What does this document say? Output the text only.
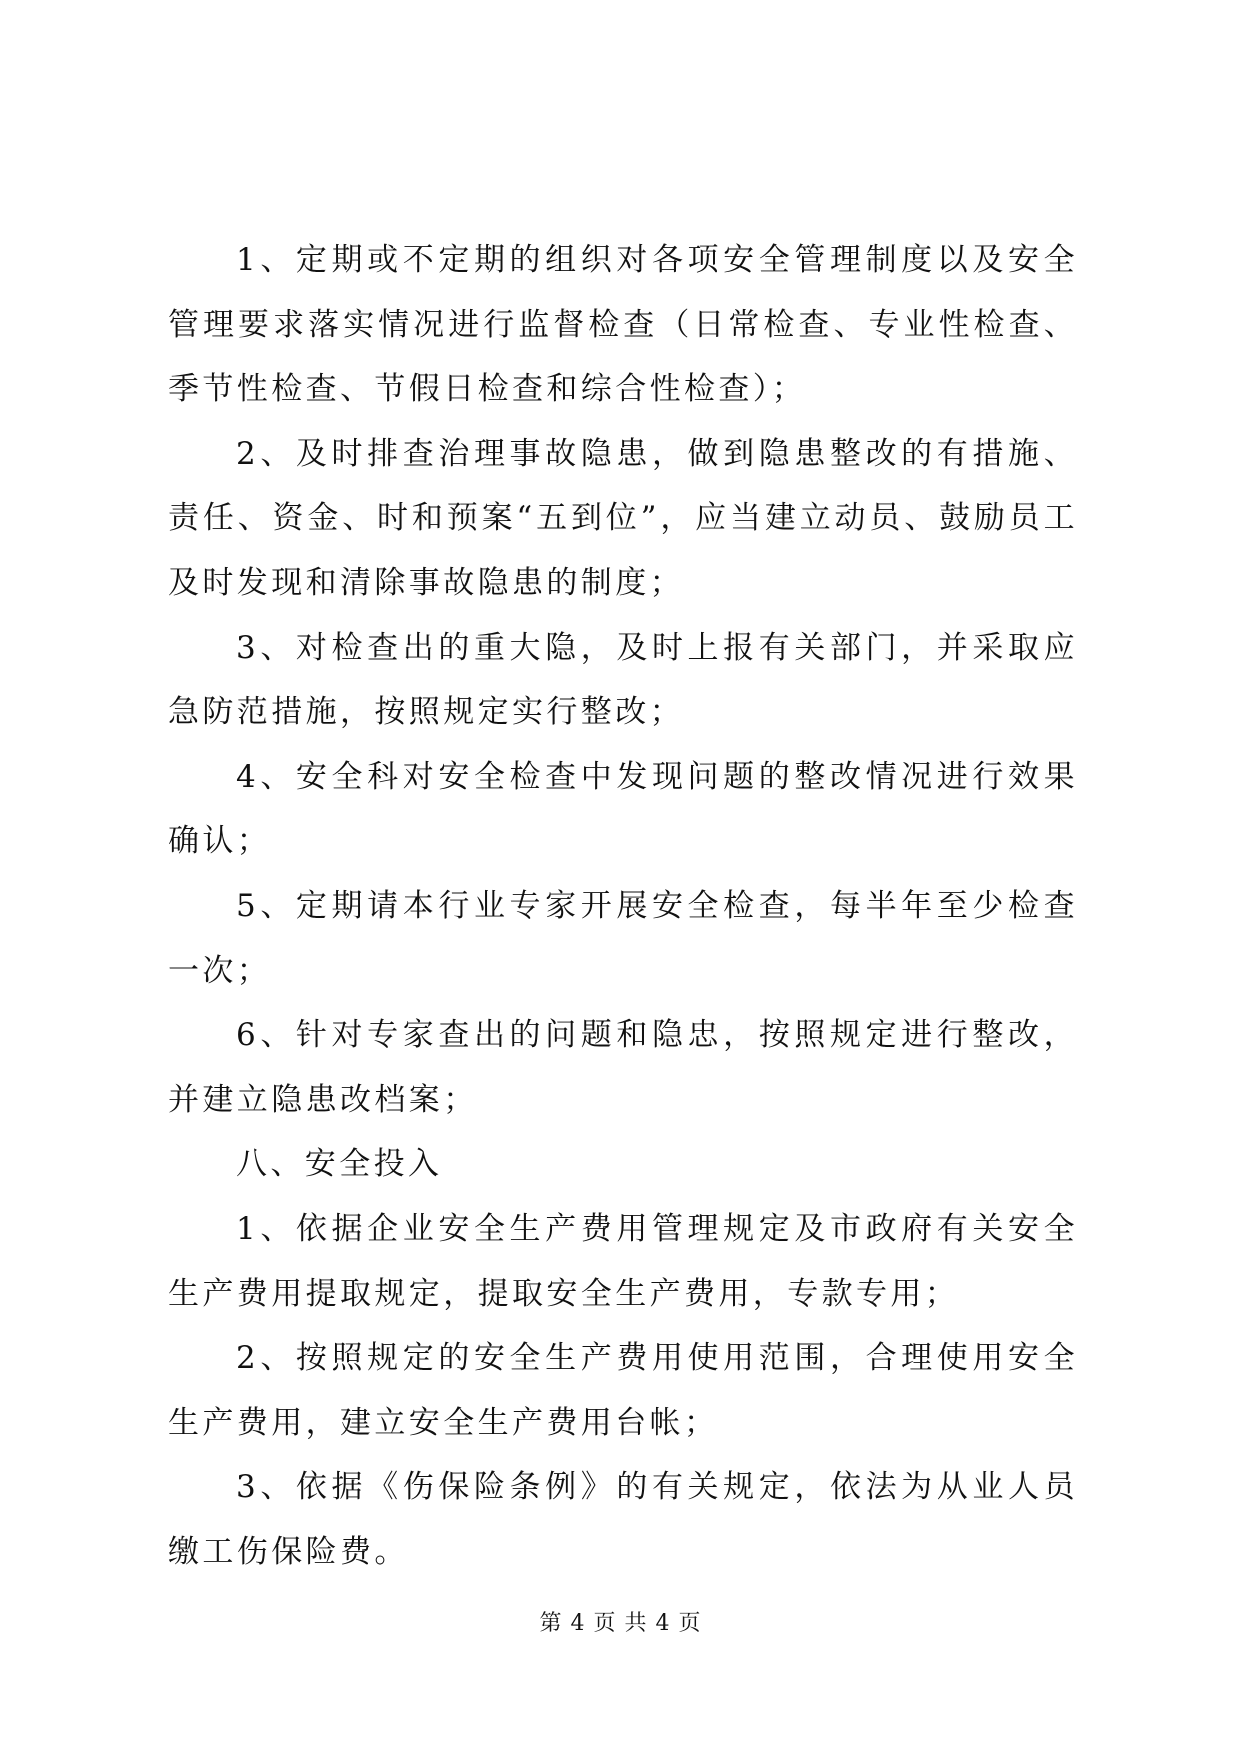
1、定期或不定期的组织对各项安全管理制度以及安全管理要求落实情况进行监督检查（日常检查、专业性检查、季节性检查、节假日检查和综合性检查）；

2、及时排查治理事故隐患，做到隐患整改的有措施、责任、资金、时和预案“五到位”，应当建立动员、鼓励员工及时发现和清除事故隐患的制度；

3、对检查出的重大隐，及时上报有关部门，并采取应急防范措施，按照规定实行整改；

4、安全科对安全检查中发现问题的整改情况进行效果确认；

5、定期请本行业专家开展安全检查，每半年至少检查一次；

6、针对专家查出的问题和隐忠，按照规定进行整改，并建立隐患改档案；

八、安全投入

1、依据企业安全生产费用管理规定及市政府有关安全生产费用提取规定，提取安全生产费用，专款专用；

2、按照规定的安全生产费用使用范围，合理使用安全生产费用，建立安全生产费用台帐；

3、依据《伤保险条例》的有关规定，依法为从业人员缴工伤保险费。

第 4 页 共 4 页
